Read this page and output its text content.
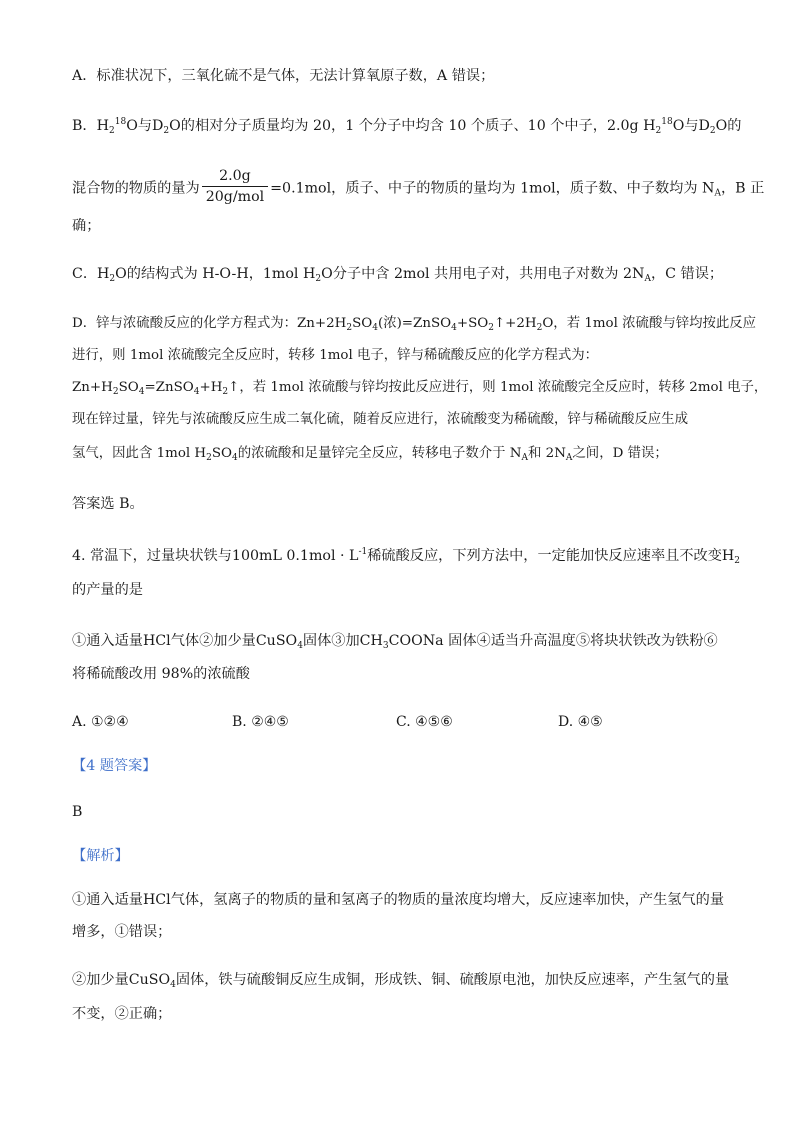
A．标准状况下，三氧化硫不是气体，无法计算氧原子数，A 错误；
B．$H_2^{18}O$与$D_2O$的相对分子质量均为 20，1 个分子中均含 10 个质子、10 个中子，2.0g $H_2^{18}O$与$D_2O$的
混合物的物质的量为 $\frac{2.0g}{\text{20g/mol}} =0.1mol$，质子、中子的物质的量均为 1mol，质子数、中子数均为 $N_A$，B 正
确；
C．$H_2O$的结构式为 H-O-H，1mol $H_2O$分子中含 2mol 共用电子对，共用电子对数为 $2N_A$，C 错误；
D．锌与浓硫酸反应的化学方程式为：$Zn+2H_2SO_4$(浓)$=ZnSO_4+SO_2↑+2H_2O$，若 1mol 浓硫酸与锌均按此反应
进行，则 1mol 浓硫酸完全反应时，转移 1mol 电子，锌与稀硫酸反应的化学方程式为：
$Zn+H_2SO_4=ZnSO_4+H_2↑$，若 1mol 浓硫酸与锌均按此反应进行，则 1mol 浓硫酸完全反应时，转移 2mol 电子，
现在锌过量，锌先与浓硫酸反应生成二氧化硫，随着反应进行，浓硫酸变为稀硫酸，锌与稀硫酸反应生成
氢气，因此含 1mol $H_2SO_4$的浓硫酸和足量锌完全反应，转移电子数介于 $N_A$和 $2N_A$之间，D 错误；
答案选 B。
4. 常温下，过量块状铁与100mL $0.1mol \cdot L^{-1}$稀硫酸反应，下列方法中，一定能加快反应速率且不改变$H_2$
的产量的是
①通入适量HCl气体②加少量CuSO$_4$固体③加$CH_3COONa$ 固体④适当升高温度⑤将块状铁改为铁粉⑥
将稀硫酸改用 98%的浓硫酸
A. ①②④	B. ②④⑤	C. ④⑤⑥	D. ④⑤
【4 题答案】
B
【解析】
①通入适量HCl气体，氢离子的物质的量和氢离子的物质的量浓度均增大，反应速率加快，产生氢气的量
增多，①错误；
②加少量CuSO$_4$固体，铁与硫酸铜反应生成铜，形成铁、铜、硫酸原电池，加快反应速率，产生氢气的量
不变，②正确；
